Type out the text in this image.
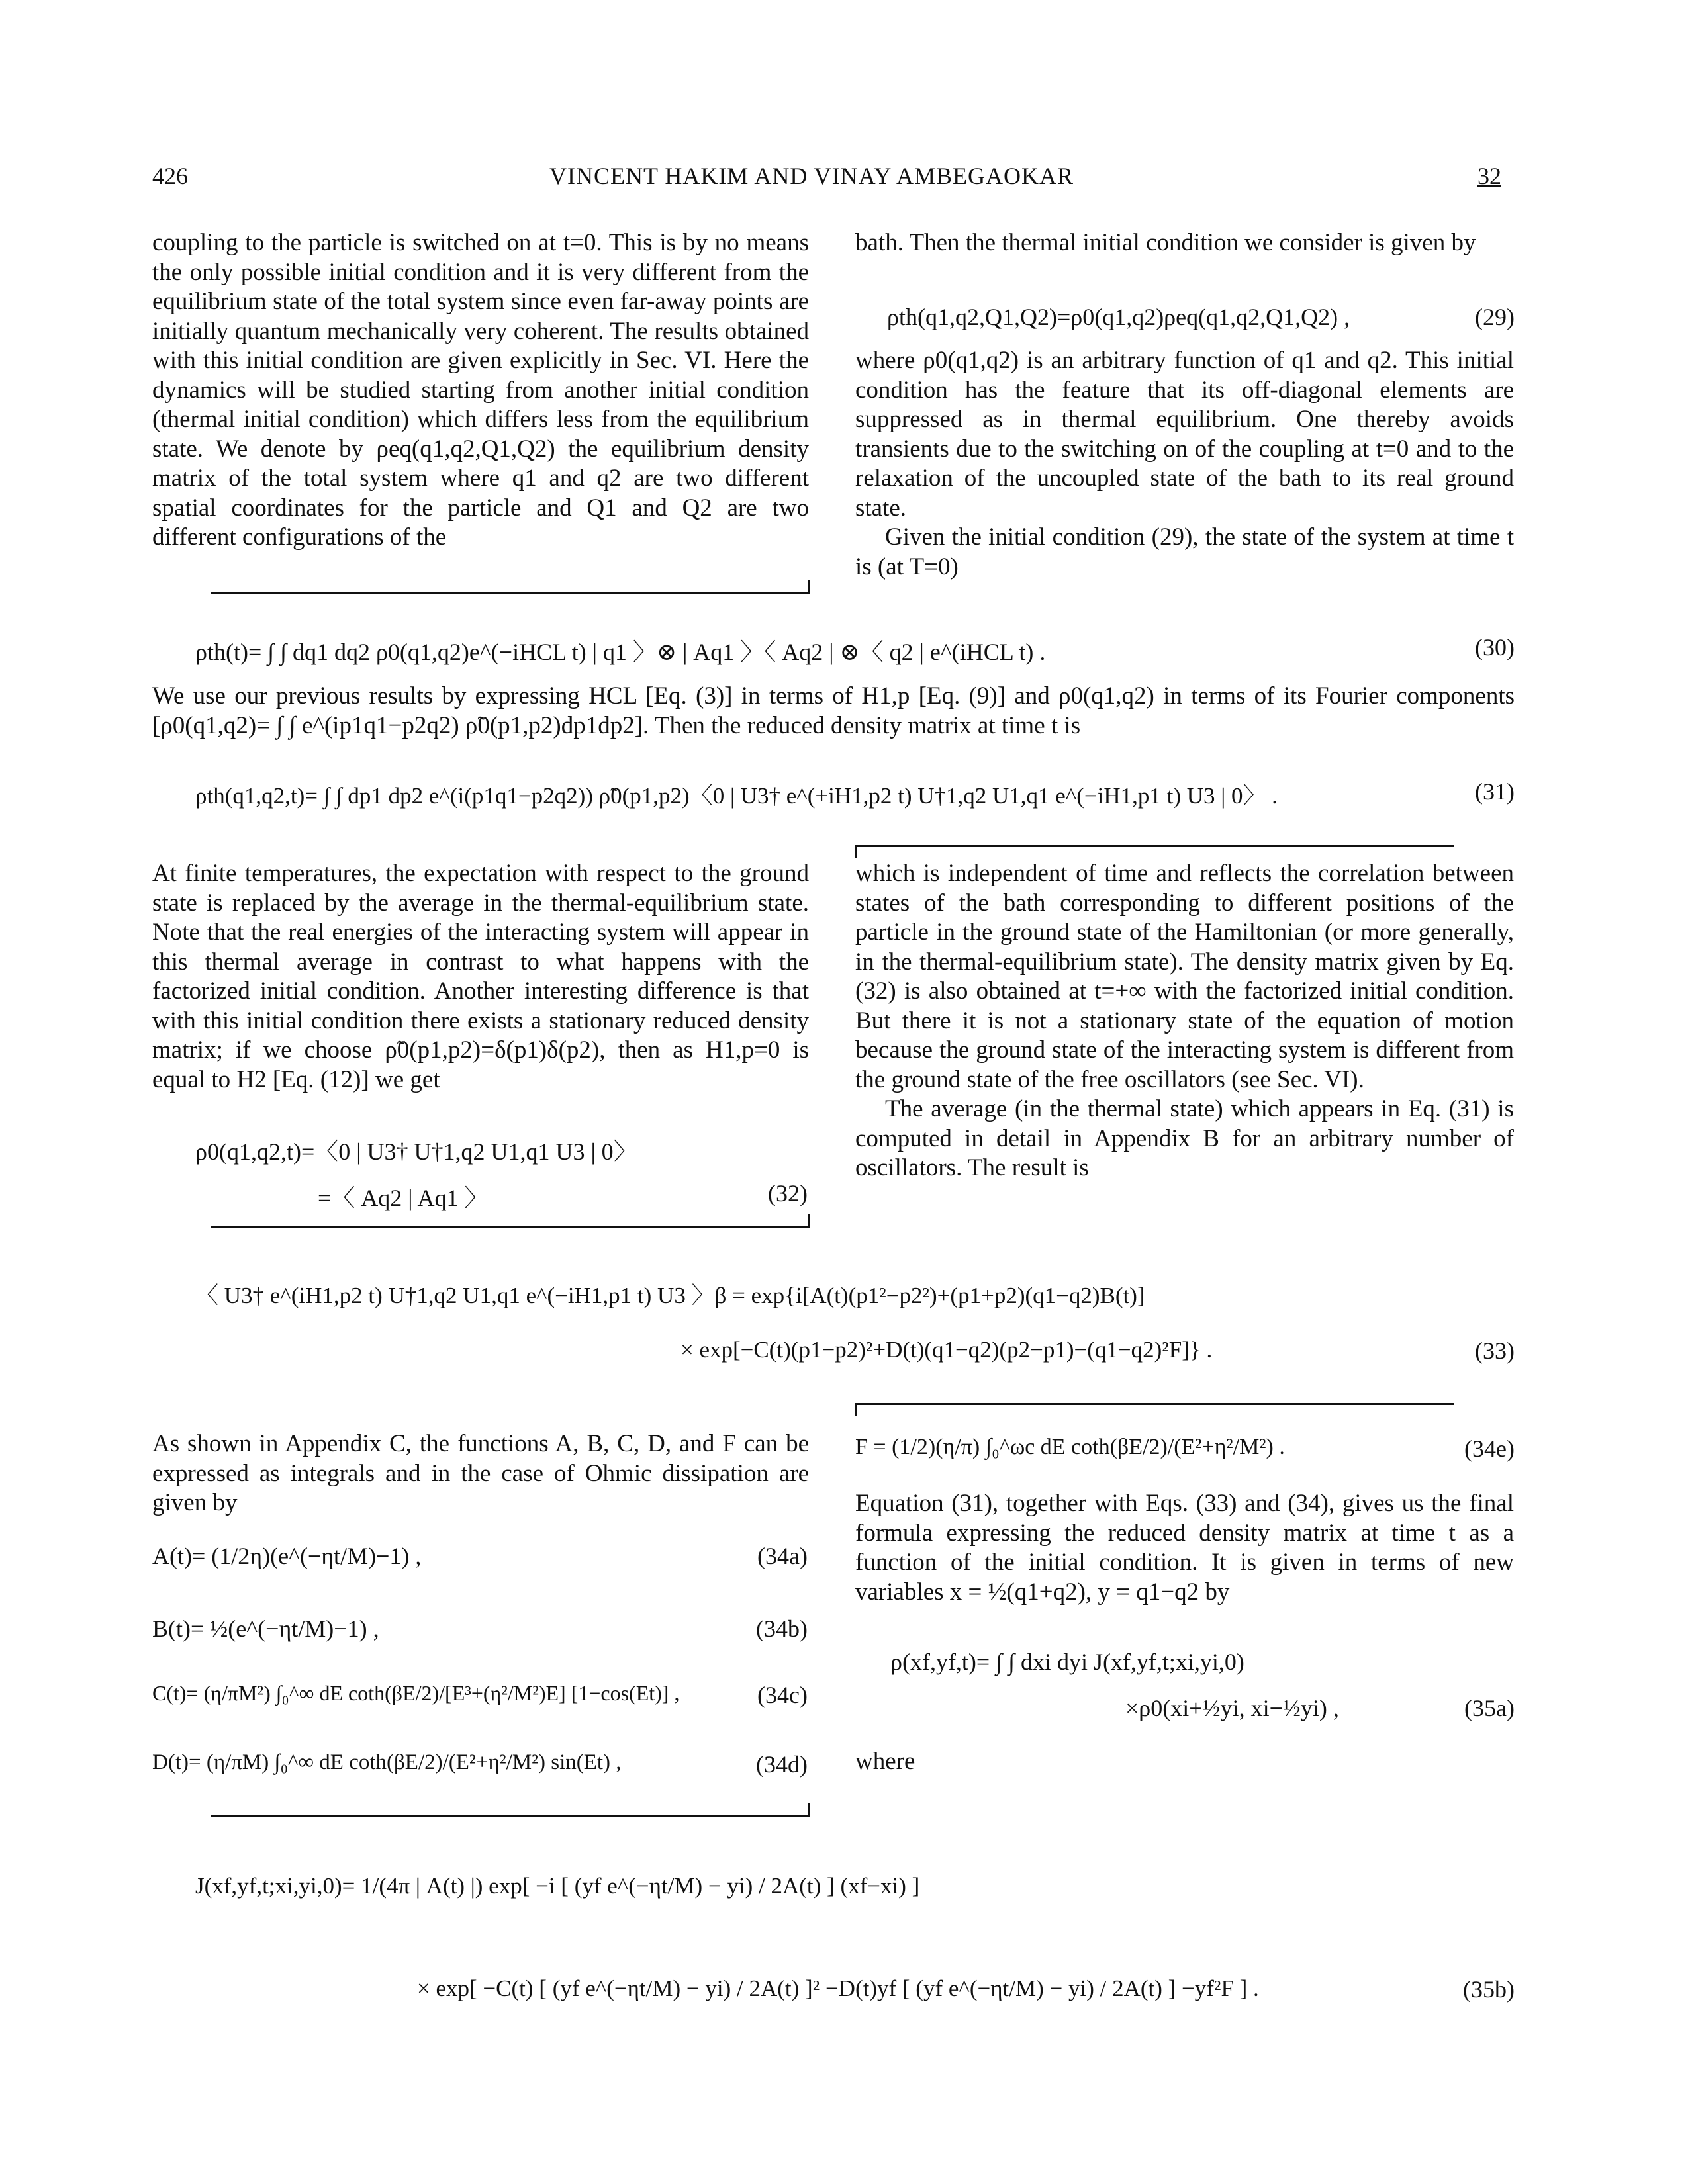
426	VINCENT HAKIM AND VINAY AMBEGAOKAR	32

coupling to the particle is switched on at t=0. This is by no means the only possible initial condition and it is very different from the equilibrium state of the total system since even far-away points are initially quantum mechanically very coherent. The results obtained with this initial condition are given explicitly in Sec. VI. Here the dynamics will be studied starting from another initial condition (thermal initial condition) which differs less from the equilibrium state. We denote by ρeq(q1,q2,Q1,Q2) the equilibrium density matrix of the total system where q1 and q2 are two different spatial coordinates for the particle and Q1 and Q2 are two different configurations of the

bath. Then the thermal initial condition we consider is given by

ρth(q1,q2,Q1,Q2)=ρ0(q1,q2)ρeq(q1,q2,Q1,Q2) ,	(29)

where ρ0(q1,q2) is an arbitrary function of q1 and q2. This initial condition has the feature that its off-diagonal elements are suppressed as in thermal equilibrium. One thereby avoids transients due to the switching on of the coupling at t=0 and to the relaxation of the uncoupled state of the bath to its real ground state.

Given the initial condition (29), the state of the system at time t is (at T=0)

ρth(t)= ∫ ∫ dq1 dq2 ρ0(q1,q2)e^(−iHCL t) | q1 〉⊗ | Aq1 〉〈 Aq2 | ⊗〈 q2 | e^(iHCL t) .	(30)

We use our previous results by expressing HCL [Eq. (3)] in terms of H1,p [Eq. (9)] and ρ0(q1,q2) in terms of its Fourier components [ρ0(q1,q2)= ∫ ∫ e^(ip1q1−p2q2) ρ̃0(p1,p2)dp1dp2]. Then the reduced density matrix at time t is

ρth(q1,q2,t)= ∫ ∫ dp1 dp2 e^(i(p1q1−p2q2)) ρ̃0(p1,p2)〈0 | U3† e^(+iH1,p2 t) U†1,q2 U1,q1 e^(−iH1,p1 t) U3 | 0〉 .	(31)

At finite temperatures, the expectation with respect to the ground state is replaced by the average in the thermal-equilibrium state. Note that the real energies of the interacting system will appear in this thermal average in contrast to what happens with the factorized initial condition. Another interesting difference is that with this initial condition there exists a stationary reduced density matrix; if we choose ρ̃0(p1,p2)=δ(p1)δ(p2), then as H1,p=0 is equal to H2 [Eq. (12)] we get

ρ0(q1,q2,t)=〈0 | U3† U†1,q2 U1,q1 U3 | 0〉
=〈 Aq2 | Aq1 〉	(32)

which is independent of time and reflects the correlation between states of the bath corresponding to different positions of the particle in the ground state of the Hamiltonian (or more generally, in the thermal-equilibrium state). The density matrix given by Eq. (32) is also obtained at t=+∞ with the factorized initial condition. But there it is not a stationary state of the equation of motion because the ground state of the interacting system is different from the ground state of the free oscillators (see Sec. VI).

The average (in the thermal state) which appears in Eq. (31) is computed in detail in Appendix B for an arbitrary number of oscillators. The result is

〈 U3† e^(iH1,p2 t) U†1,q2 U1,q1 e^(−iH1,p1 t) U3 〉β = exp{i[A(t)(p1²−p2²)+(p1+p2)(q1−q2)B(t)]
× exp[−C(t)(p1−p2)²+D(t)(q1−q2)(p2−p1)−(q1−q2)²F]} .	(33)

As shown in Appendix C, the functions A, B, C, D, and F can be expressed as integrals and in the case of Ohmic dissipation are given by

A(t)= (1/2η)(e^(−ηt/M)−1) ,	(34a)
B(t)= ½(e^(−ηt/M)−1) ,	(34b)
C(t)= (η/πM²) ∫₀^∞ dE coth(βE/2)/[E³+(η²/M²)E] [1−cos(Et)] ,	(34c)
D(t)= (η/πM) ∫₀^∞ dE coth(βE/2)/(E²+η²/M²) sin(Et) ,	(34d)
F = (1/2)(η/π) ∫₀^ωc dE coth(βE/2)/(E²+η²/M²) .	(34e)

Equation (31), together with Eqs. (33) and (34), gives us the final formula expressing the reduced density matrix at time t as a function of the initial condition. It is given in terms of new variables x = ½(q1+q2), y = q1−q2 by

ρ(xf,yf,t)= ∫ ∫ dxi dyi J(xf,yf,t;xi,yi,0)
×ρ0(xi+½yi, xi−½yi) ,	(35a)
where
J(xf,yf,t;xi,yi,0)= 1/(4π | A(t) |) exp[ −i [ (yf e^(−ηt/M) − yi) / 2A(t) ] (xf−xi) ]
× exp[ −C(t) [ (yf e^(−ηt/M) − yi) / 2A(t) ]² −D(t)yf [ (yf e^(−ηt/M) − yi) / 2A(t) ] −yf²F ] .	(35b)
